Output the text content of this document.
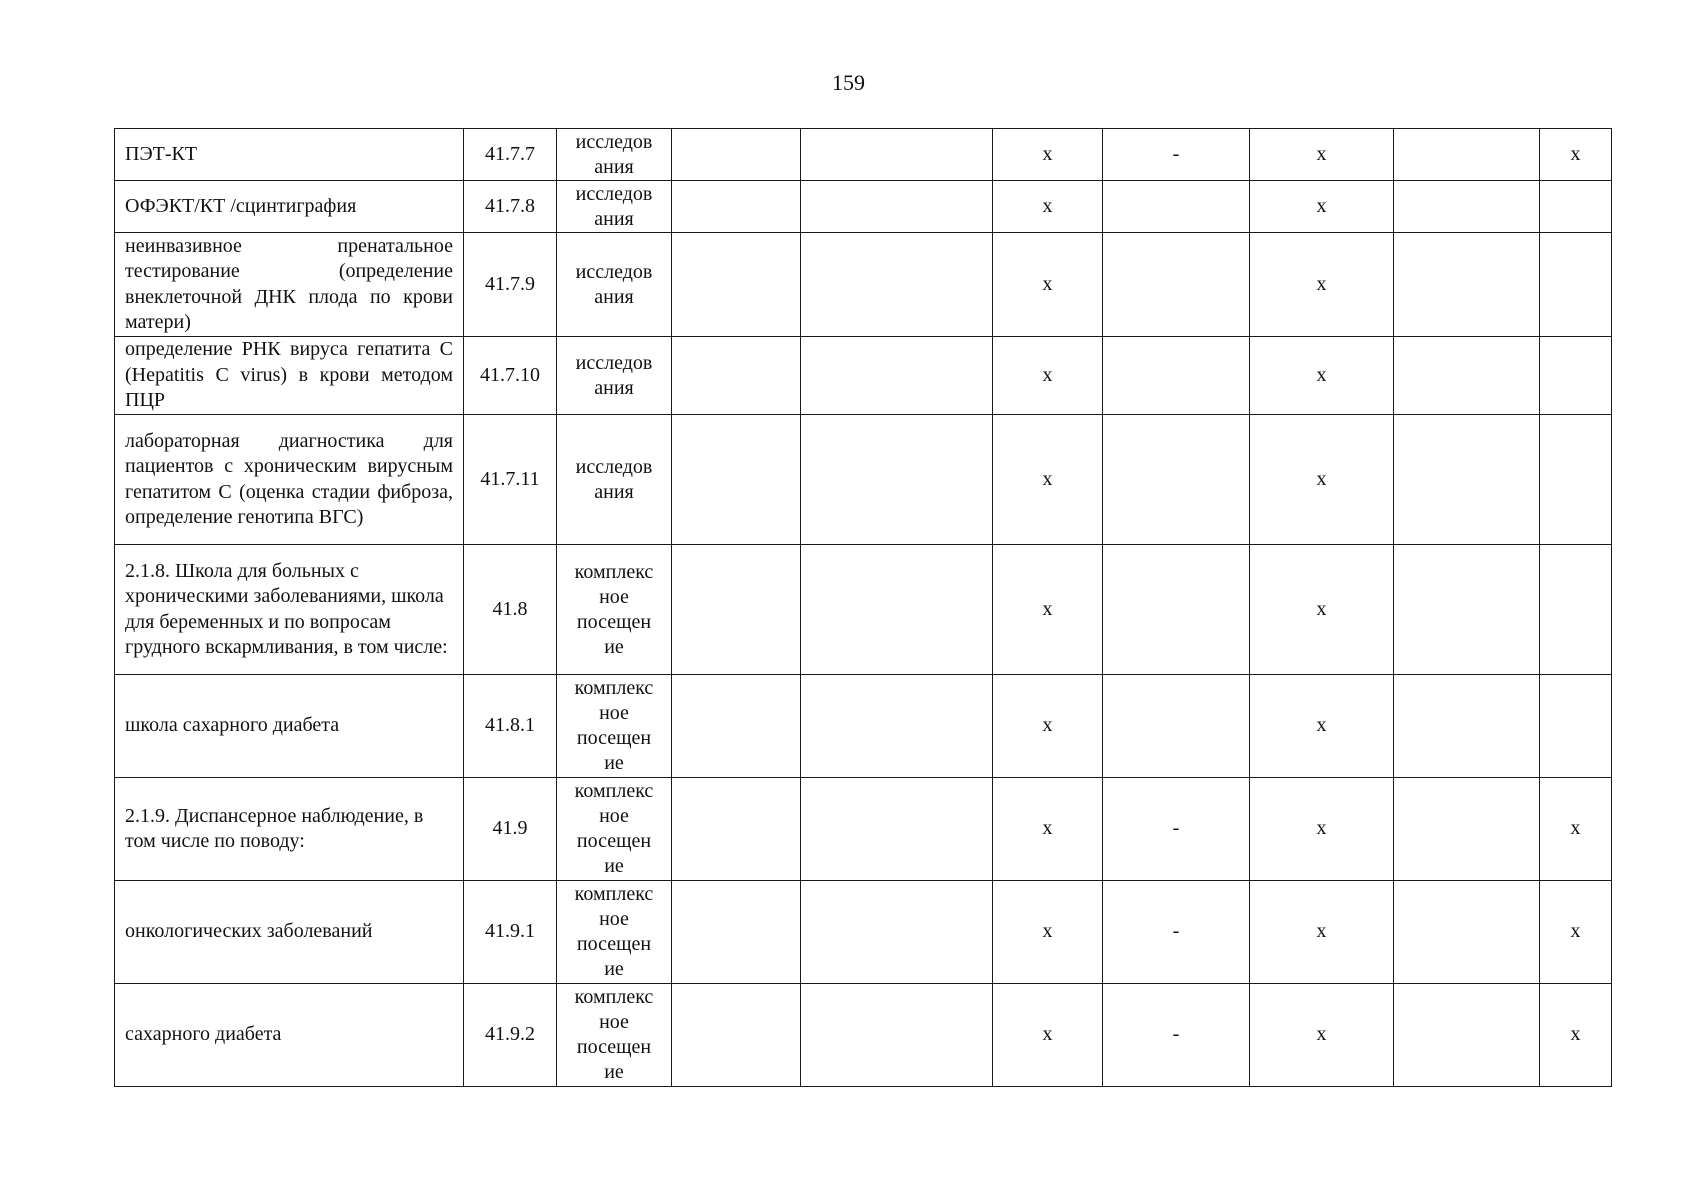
159
ПЭТ-КТ	41.7.7	исследов ания			х	-	х		х
ОФЭКТ/КТ /сцинтиграфия	41.7.8	исследов ания			х		х		
неинвазивное пренатальное тестирование (определение внеклеточной ДНК плода по крови матери)	41.7.9	исследов ания			х		х		
определение РНК вируса гепатита С (Hepatitis C virus) в крови методом ПЦР	41.7.10	исследов ания			х		х		
лабораторная диагностика для пациентов с хроническим вирусным гепатитом С (оценка стадии фиброза, определение генотипа ВГС)	41.7.11	исследов ания			х		х		
2.1.8. Школа для больных с хроническими заболеваниями, школа для беременных и по вопросам грудного вскармливания, в том числе:	41.8	комплекс ное посещен ие			х		х		
школа сахарного диабета	41.8.1	комплекс ное посещен ие			х		х		
2.1.9. Диспансерное наблюдение, в том числе по поводу:	41.9	комплекс ное посещен ие			х	-	х		х
онкологических заболеваний	41.9.1	комплекс ное посещен ие			х	-	х		х
сахарного диабета	41.9.2	комплекс ное посещен ие			х	-	х		х
